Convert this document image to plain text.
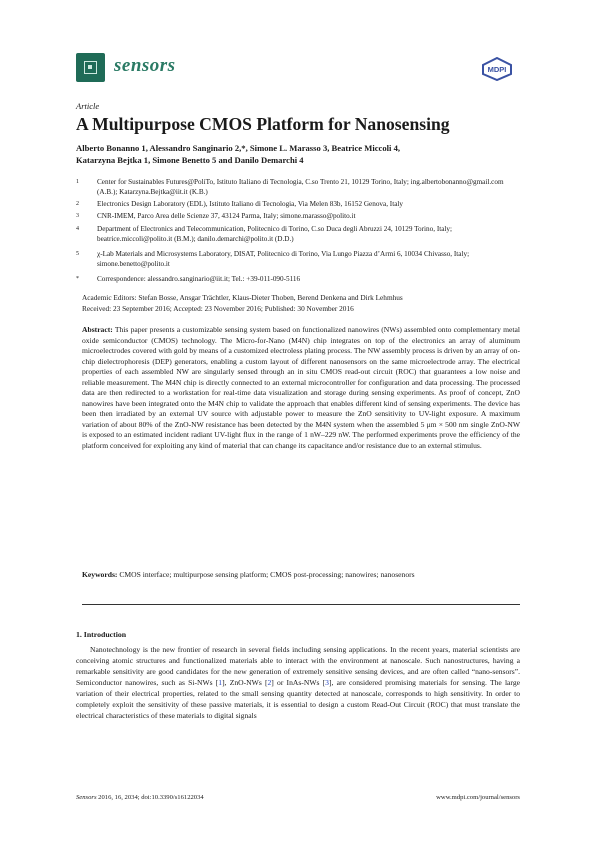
sensors	MDPI
Article
A Multipurpose CMOS Platform for Nanosensing
Alberto Bonanno 1, Alessandro Sanginario 2,*, Simone L. Marasso 3, Beatrice Miccoli 4,
Katarzyna Bejtka 1, Simone Benetto 5 and Danilo Demarchi 4
1	Center for Sustainables Futures@PoliTo, Istituto Italiano di Tecnologia, C.so Trento 21, 10129 Torino, Italy; ing.albertobonanno@gmail.com (A.B.); Katarzyna.Bejtka@iit.it (K.B.)
2	Electronics Design Laboratory (EDL), Istituto Italiano di Tecnologia, Via Melen 83b, 16152 Genova, Italy
3	CNR-IMEM, Parco Area delle Scienze 37, 43124 Parma, Italy; simone.marasso@polito.it
4	Department of Electronics and Telecommunication, Politecnico di Torino, C.so Duca degli Abruzzi 24, 10129 Torino, Italy; beatrice.miccoli@polito.it (B.M.); danilo.demarchi@polito.it (D.D.)
5	χ-Lab Materials and Microsystems Laboratory, DISAT, Politecnico di Torino, Via Lungo Piazza d’Armi 6, 10034 Chivasso, Italy; simone.benetto@polito.it
*	Correspondence: alessandro.sanginario@iit.it; Tel.: +39-011-090-5116
Academic Editors: Stefan Bosse, Ansgar Trächtler, Klaus-Dieter Thoben, Berend Denkena and Dirk Lehmhus
Received: 23 September 2016; Accepted: 23 November 2016; Published: 30 November 2016
Abstract: This paper presents a customizable sensing system based on functionalized nanowires (NWs) assembled onto complementary metal oxide semiconductor (CMOS) technology. The Micro-for-Nano (M4N) chip integrates on top of the electronics an array of aluminum microelectrodes covered with gold by means of a customized electroless plating process. The NW assembly process is driven by an array of on-chip dielectrophoresis (DEP) generators, enabling a custom layout of different nanosensors on the same microelectrode array. The electrical properties of each assembled NW are singularly sensed through an in situ CMOS read-out circuit (ROC) that guarantees a low noise and reliable measurement. The M4N chip is directly connected to an external microcontroller for configuration and data processing. The processed data are then redirected to a workstation for real-time data visualization and storage during sensing experiments. As proof of concept, ZnO nanowires have been integrated onto the M4N chip to validate the approach that enables different kind of sensing experiments. The device has been then irradiated by an external UV source with adjustable power to measure the ZnO sensitivity to UV-light exposure. A maximum variation of about 80% of the ZnO-NW resistance has been detected by the M4N system when the assembled 5 μm × 500 nm single ZnO-NW is exposed to an estimated incident radiant UV-light flux in the range of 1 nW–229 nW. The performed experiments prove the efficiency of the platform conceived for exploiting any kind of material that can change its capacitance and/or resistance due to an external stimulus.
Keywords: CMOS interface; multipurpose sensing platform; CMOS post-processing; nanowires; nanosenors
1. Introduction
Nanotechnology is the new frontier of research in several fields including sensing applications. In the recent years, material scientists are conceiving atomic structures and functionalized materials able to interact with the environment at nanoscale. Such nanostructures, having a remarkable sensitivity are good candidates for the new generation of extremely sensitive sensing devices, and are often called “nano-sensors”. Semiconductor nanowires, such as Si-NWs [1], ZnO-NWs [2] or InAs-NWs [3], are considered promising materials for sensing. The large variation of their electrical properties, related to the small sensing quantity detected at nanoscale, corresponds to high sensitivity. In order to completely exploit the sensitivity of these passive materials, it is essential to design a custom Read-Out Circuit (ROC) that must translate the electrical characteristics of these materials to digital signals
Sensors 2016, 16, 2034; doi:10.3390/s16122034	www.mdpi.com/journal/sensors
